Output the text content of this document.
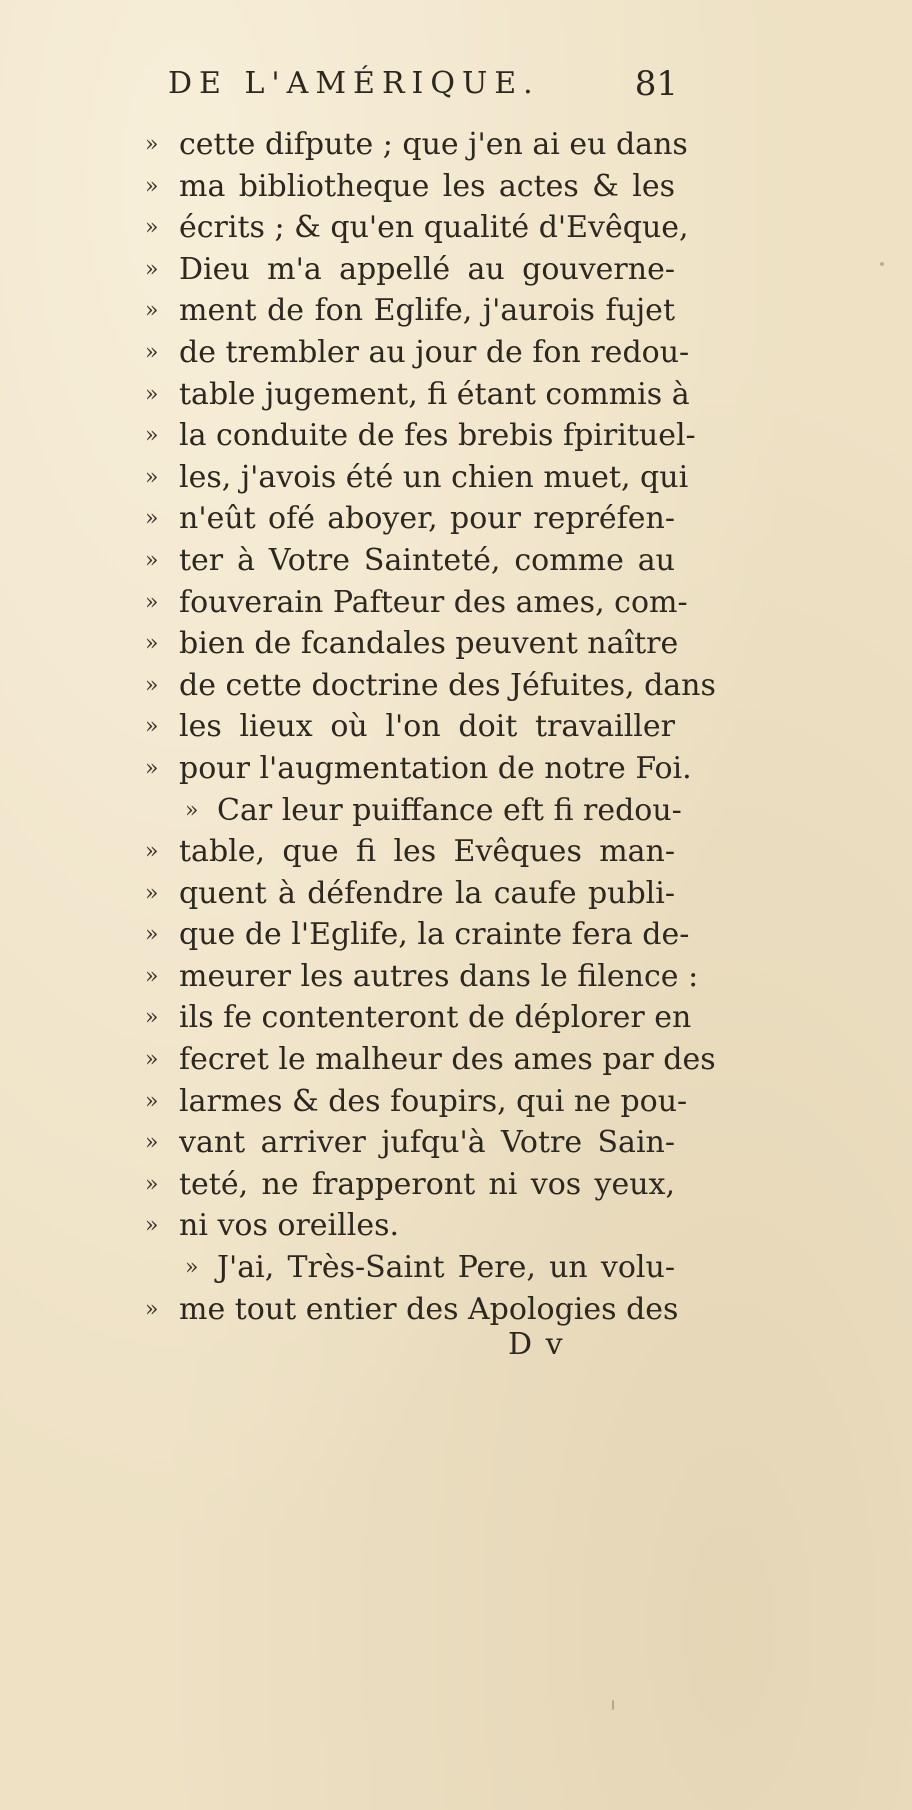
DE L'AMÉRIQUE.	81
» cette difpute ; que j'en ai eu dans
» ma bibliotheque les actes & les
» écrits ; & qu'en qualité d'Evêque,
» Dieu m'a appellé au gouverne-
» ment de fon Eglife, j'aurois fujet
» de trembler au jour de fon redou-
» table jugement, fi étant commis à
» la conduite de fes brebis fpirituel-
» les, j'avois été un chien muet, qui
» n'eût ofé aboyer, pour repréfen-
» ter à Votre Sainteté, comme au
» fouverain Pafteur des ames, com-
» bien de fcandales peuvent naître
» de cette doctrine des Jéfuites, dans
» les lieux où l'on doit travailler
» pour l'augmentation de notre Foi.
» Car leur puiffance eft fi redou-
» table, que fi les Evêques man-
» quent à défendre la caufe publi-
» que de l'Eglife, la crainte fera de-
» meurer les autres dans le filence :
» ils fe contenteront de déplorer en
» fecret le malheur des ames par des
» larmes & des foupirs, qui ne pou-
» vant arriver jufqu'à Votre Sain-
» teté, ne frapperont ni vos yeux,
» ni vos oreilles.
» J'ai, Très-Saint Pere, un volu-
» me tout entier des Apologies des
D v
